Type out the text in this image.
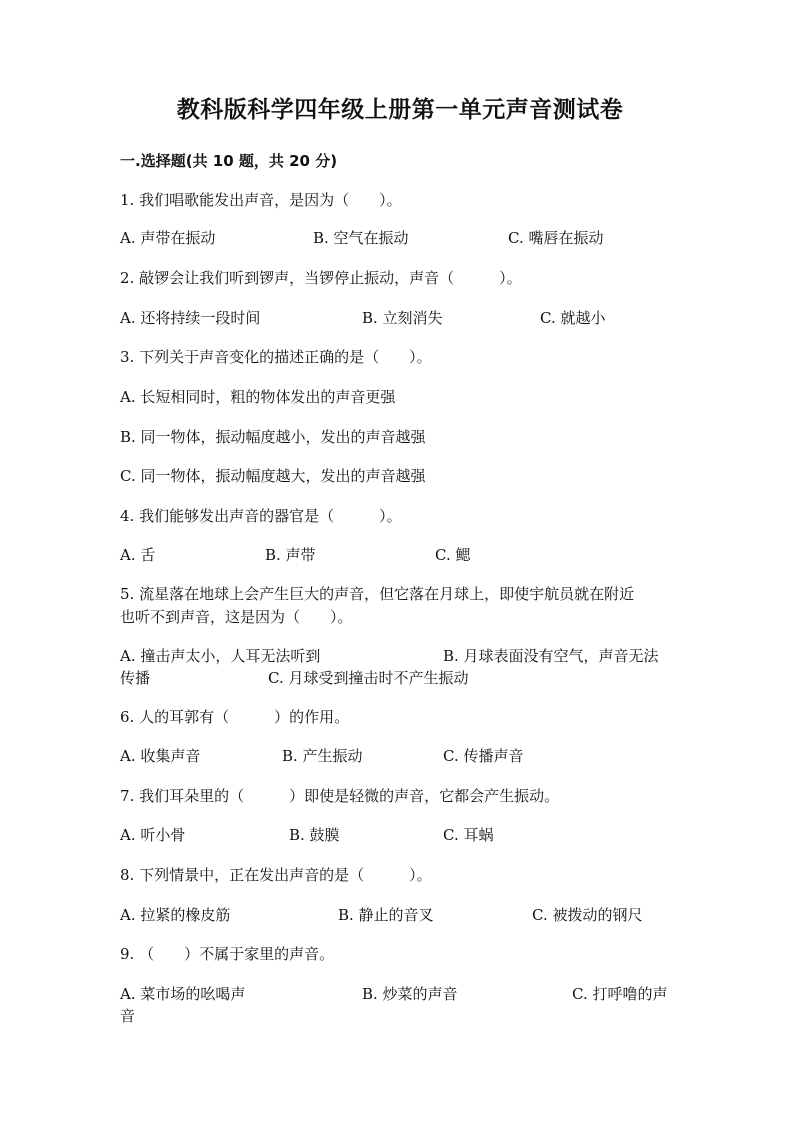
教科版科学四年级上册第一单元声音测试卷
一.选择题(共 10 题，共 20 分)
1. 我们唱歌能发出声音，是因为（　　）。
A. 声带在振动	B. 空气在振动	C. 嘴唇在振动
2. 敲锣会让我们听到锣声，当锣停止振动，声音（　　　）。
A. 还将持续一段时间	B. 立刻消失	C. 就越小
3. 下列关于声音变化的描述正确的是（　　）。
A. 长短相同时，粗的物体发出的声音更强
B. 同一物体，振动幅度越小，发出的声音越强
C. 同一物体，振动幅度越大，发出的声音越强
4. 我们能够发出声音的器官是（　　　）。
A. 舌	B. 声带	C. 鳃
5. 流星落在地球上会产生巨大的声音，但它落在月球上，即使宇航员就在附近
也听不到声音，这是因为（　　）。
A. 撞击声太小，人耳无法听到	B. 月球表面没有空气，声音无法
传播	C. 月球受到撞击时不产生振动
6. 人的耳郭有（　　　）的作用。
A. 收集声音	B. 产生振动	C. 传播声音
7. 我们耳朵里的（　　　）即使是轻微的声音，它都会产生振动。
A. 听小骨	B. 鼓膜	C. 耳蜗
8. 下列情景中，正在发出声音的是（　　　）。
A. 拉紧的橡皮筋	B. 静止的音叉	C. 被拨动的钢尺
9. （　　）不属于家里的声音。
A. 菜市场的吆喝声	B. 炒菜的声音	C. 打呼噜的声
音
